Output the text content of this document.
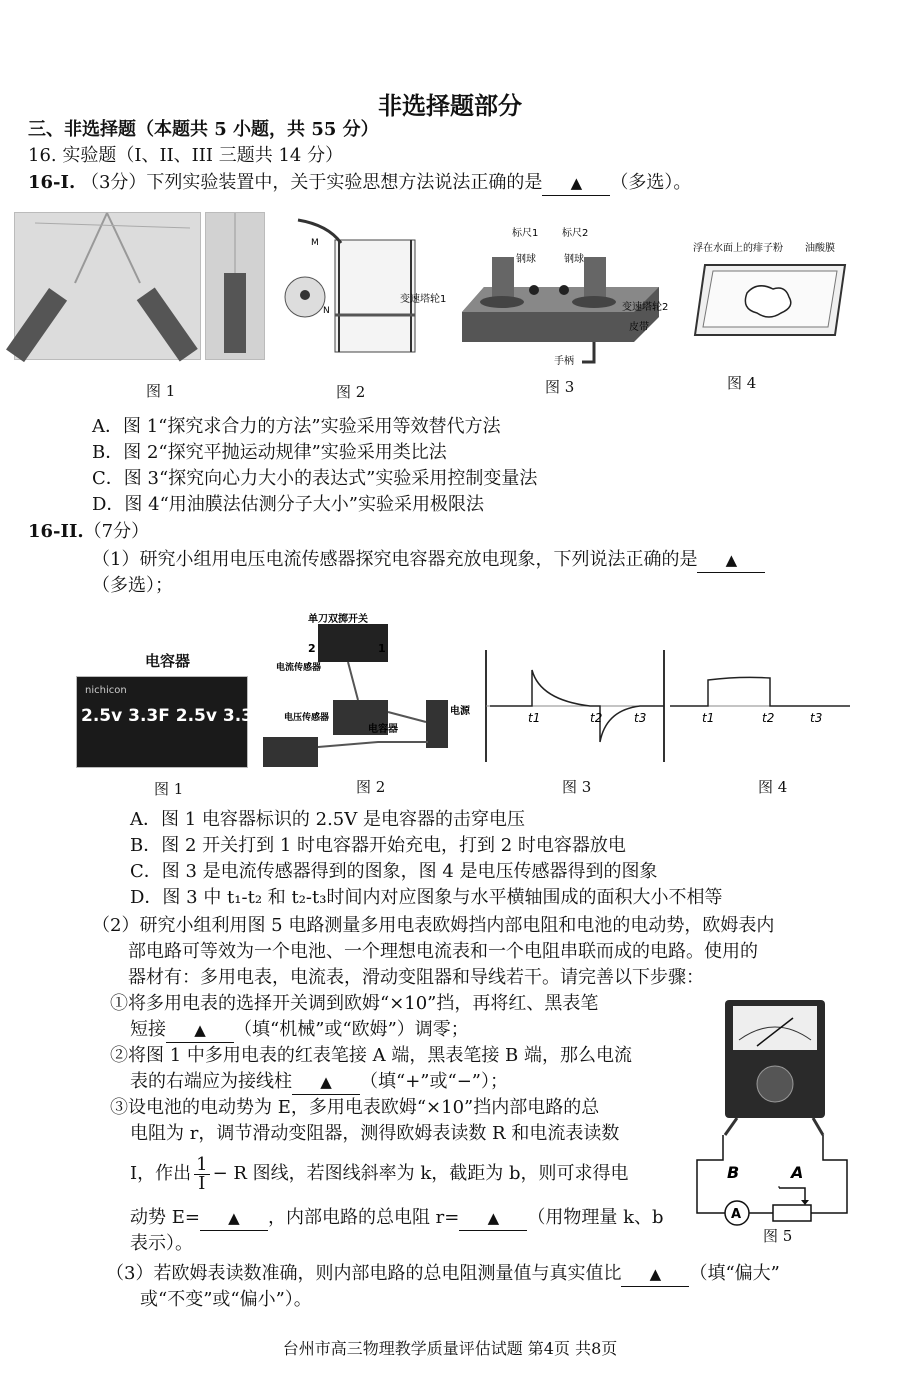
非选择题部分
三、非选择题（本题共 5 小题，共 55 分）
16. 实验题（I、II、III 三题共 14 分）
16-I. （3分）下列实验装置中，关于实验思想方法说法正确的是 ▲ （多选）。
M
N
标尺1 标尺2
钢球	钢球
变速塔轮1
变速塔轮2
皮带
手柄
浮在水面上的痱子粉 油酸膜
图 1	图 2	图 3	图 4
A．图 1“探究求合力的方法”实验采用等效替代方法
B．图 2“探究平抛运动规律”实验采用类比法
C．图 3“探究向心力大小的表达式”实验采用控制变量法
D．图 4“用油膜法估测分子大小”实验采用极限法
16-II.（7分）
（1）研究小组用电压电流传感器探究电容器充放电现象，下列说法正确的是 ▲
（多选）；
nichicon
2.5v 3.3F 2.5v 3.3F
电容器
单刀双掷开关
2	1
电流传感器
电压传感器
电容器
电源	t1	t2	t3	t1	t2	t3
图 1	图 2	图 3	图 4
A．图 1 电容器标识的 2.5V 是电容器的击穿电压
B．图 2 开关打到 1 时电容器开始充电，打到 2 时电容器放电
C．图 3 是电流传感器得到的图象，图 4 是电压传感器得到的图象
D．图 3 中 t₁-t₂ 和 t₂-t₃时间内对应图象与水平横轴围成的面积大小不相等
（2）研究小组利用图 5 电路测量多用电表欧姆挡内部电阻和电池的电动势，欧姆表内
部电路可等效为一个电池、一个理想电流表和一个电阻串联而成的电路。使用的
器材有：多用电表，电流表，滑动变阻器和导线若干。请完善以下步骤：
①将多用电表的选择开关调到欧姆“×10”挡，再将红、黑表笔
短接 ▲ （填“机械”或“欧姆”）调零；
②将图 1 中多用电表的红表笔接 A 端，黑表笔接 B 端，那么电流
表的右端应为接线柱 ▲ （填“+”或“−”）；
③设电池的电动势为 E，多用电表欧姆“×10”挡内部电路的总
电阻为 r，调节滑动变阻器，测得欧姆表读数 R 和电流表读数
I，作出 $\frac{1}{I} - R$ 图线，若图线斜率为 k，截距为 b，则可求得电
动势 E= ▲ ，内部电路的总电阻 r= ▲ （用物理量 k、b
表示）。
B	A
A
图 5
（3）若欧姆表读数准确，则内部电路的总电阻测量值与真实值比 ▲ （填“偏大”
或“不变”或“偏小”）。
台州市高三物理教学质量评估试题 第4页 共8页
